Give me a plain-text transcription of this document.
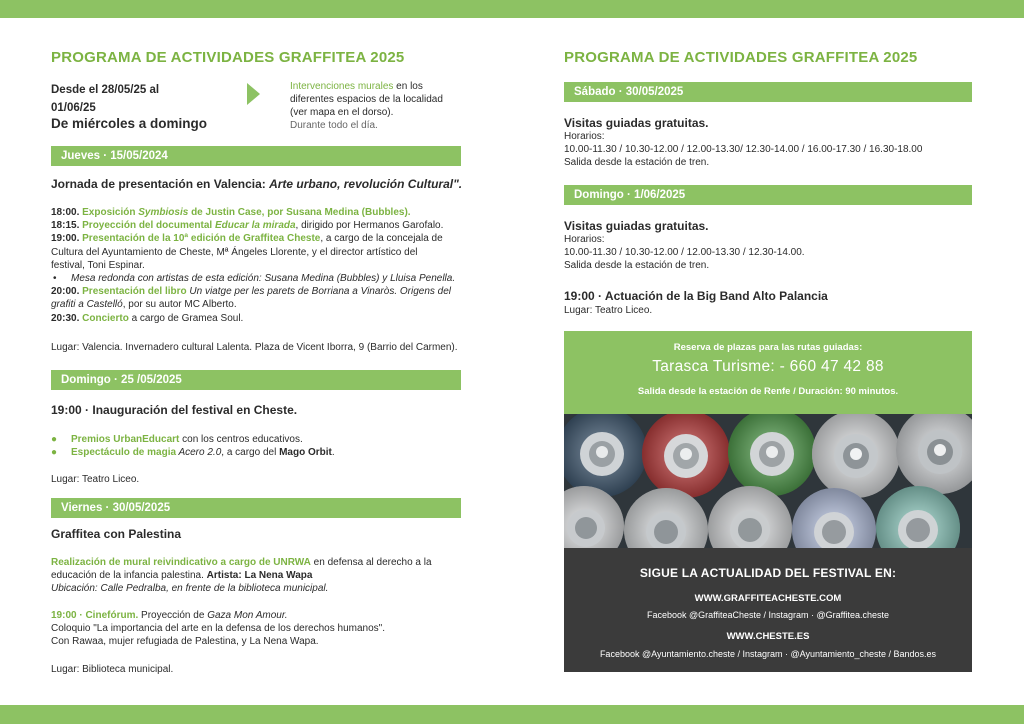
PROGRAMA DE ACTIVIDADES GRAFFITEA 2025
Desde el 28/05/25 al
01/06/25
De miércoles a domingo
Intervenciones murales en los
diferentes espacios de la localidad
(ver mapa en el dorso).
Durante todo el día.
Jueves · 15/05/2024
Jornada de presentación en Valencia: Arte urbano, revolución Cultural".
18:00. Exposición Symbiosis de Justin Case, por Susana Medina (Bubbles).
18:15. Proyección del documental Educar la mirada, dirigido por Hermanos Garofalo.
19:00. Presentación de la 10ª edición de Graffitea Cheste, a cargo de la concejala de
Cultura del Ayuntamiento de Cheste, Mª Ángeles Llorente, y el director artístico del
festival, Toni Espinar.
• Mesa redonda con artistas de esta edición: Susana Medina (Bubbles) y Lluisa Penella.
20:00. Presentación del libro Un viatge per les parets de Borriana a Vinaròs. Origens del
grafiti a Castelló, por su autor MC Alberto.
20:30. Concierto a cargo de Gramea Soul.
Lugar: Valencia. Invernadero cultural Lalenta. Plaza de Vicent Iborra, 9 (Barrio del Carmen).
Domingo · 25 /05/2025
19:00 · Inauguración del festival en Cheste.
●	Premios UrbanEducart con los centros educativos.
●	Espectáculo de magia Acero 2.0, a cargo del Mago Orbit.
Lugar: Teatro Liceo.
Viernes · 30/05/2025
Graffitea con Palestina
Realización de mural reivindicativo a cargo de UNRWA en defensa al derecho a la
educación de la infancia palestina. Artista: La Nena Wapa
Ubicación: Calle Pedralba, en frente de la biblioteca municipal.
19:00 · Cinefórum. Proyección de Gaza Mon Amour.
Coloquio "La importancia del arte en la defensa de los derechos humanos".
Con Rawaa, mujer refugiada de Palestina, y La Nena Wapa.
Lugar: Biblioteca municipal.
PROGRAMA DE ACTIVIDADES GRAFFITEA 2025
Sábado · 30/05/2025
Visitas guiadas gratuitas.
Horarios:
10.00-11.30 / 10.30-12.00 / 12.00-13.30/ 12.30-14.00 / 16.00-17.30 / 16.30-18.00
Salida desde la estación de tren.
Domingo · 1/06/2025
Visitas guiadas gratuitas.
Horarios:
10.00-11.30 / 10.30-12.00 / 12.00-13.30 / 12.30-14.00.
Salida desde la estación de tren.
19:00 · Actuación de la Big Band Alto Palancia
Lugar: Teatro Liceo.
Reserva de plazas para las rutas guiadas:
Tarasca Turisme: - 660 47 42 88
Salida desde la estación de Renfe / Duración: 90 minutos.
SIGUE LA ACTUALIDAD DEL FESTIVAL EN:
WWW.GRAFFITEACHESTE.COM
Facebook @GraffiteaCheste / Instagram · @Graffitea.cheste
WWW.CHESTE.ES
Facebook @Ayuntamiento.cheste / Instagram · @Ayuntamiento_cheste / Bandos.es
